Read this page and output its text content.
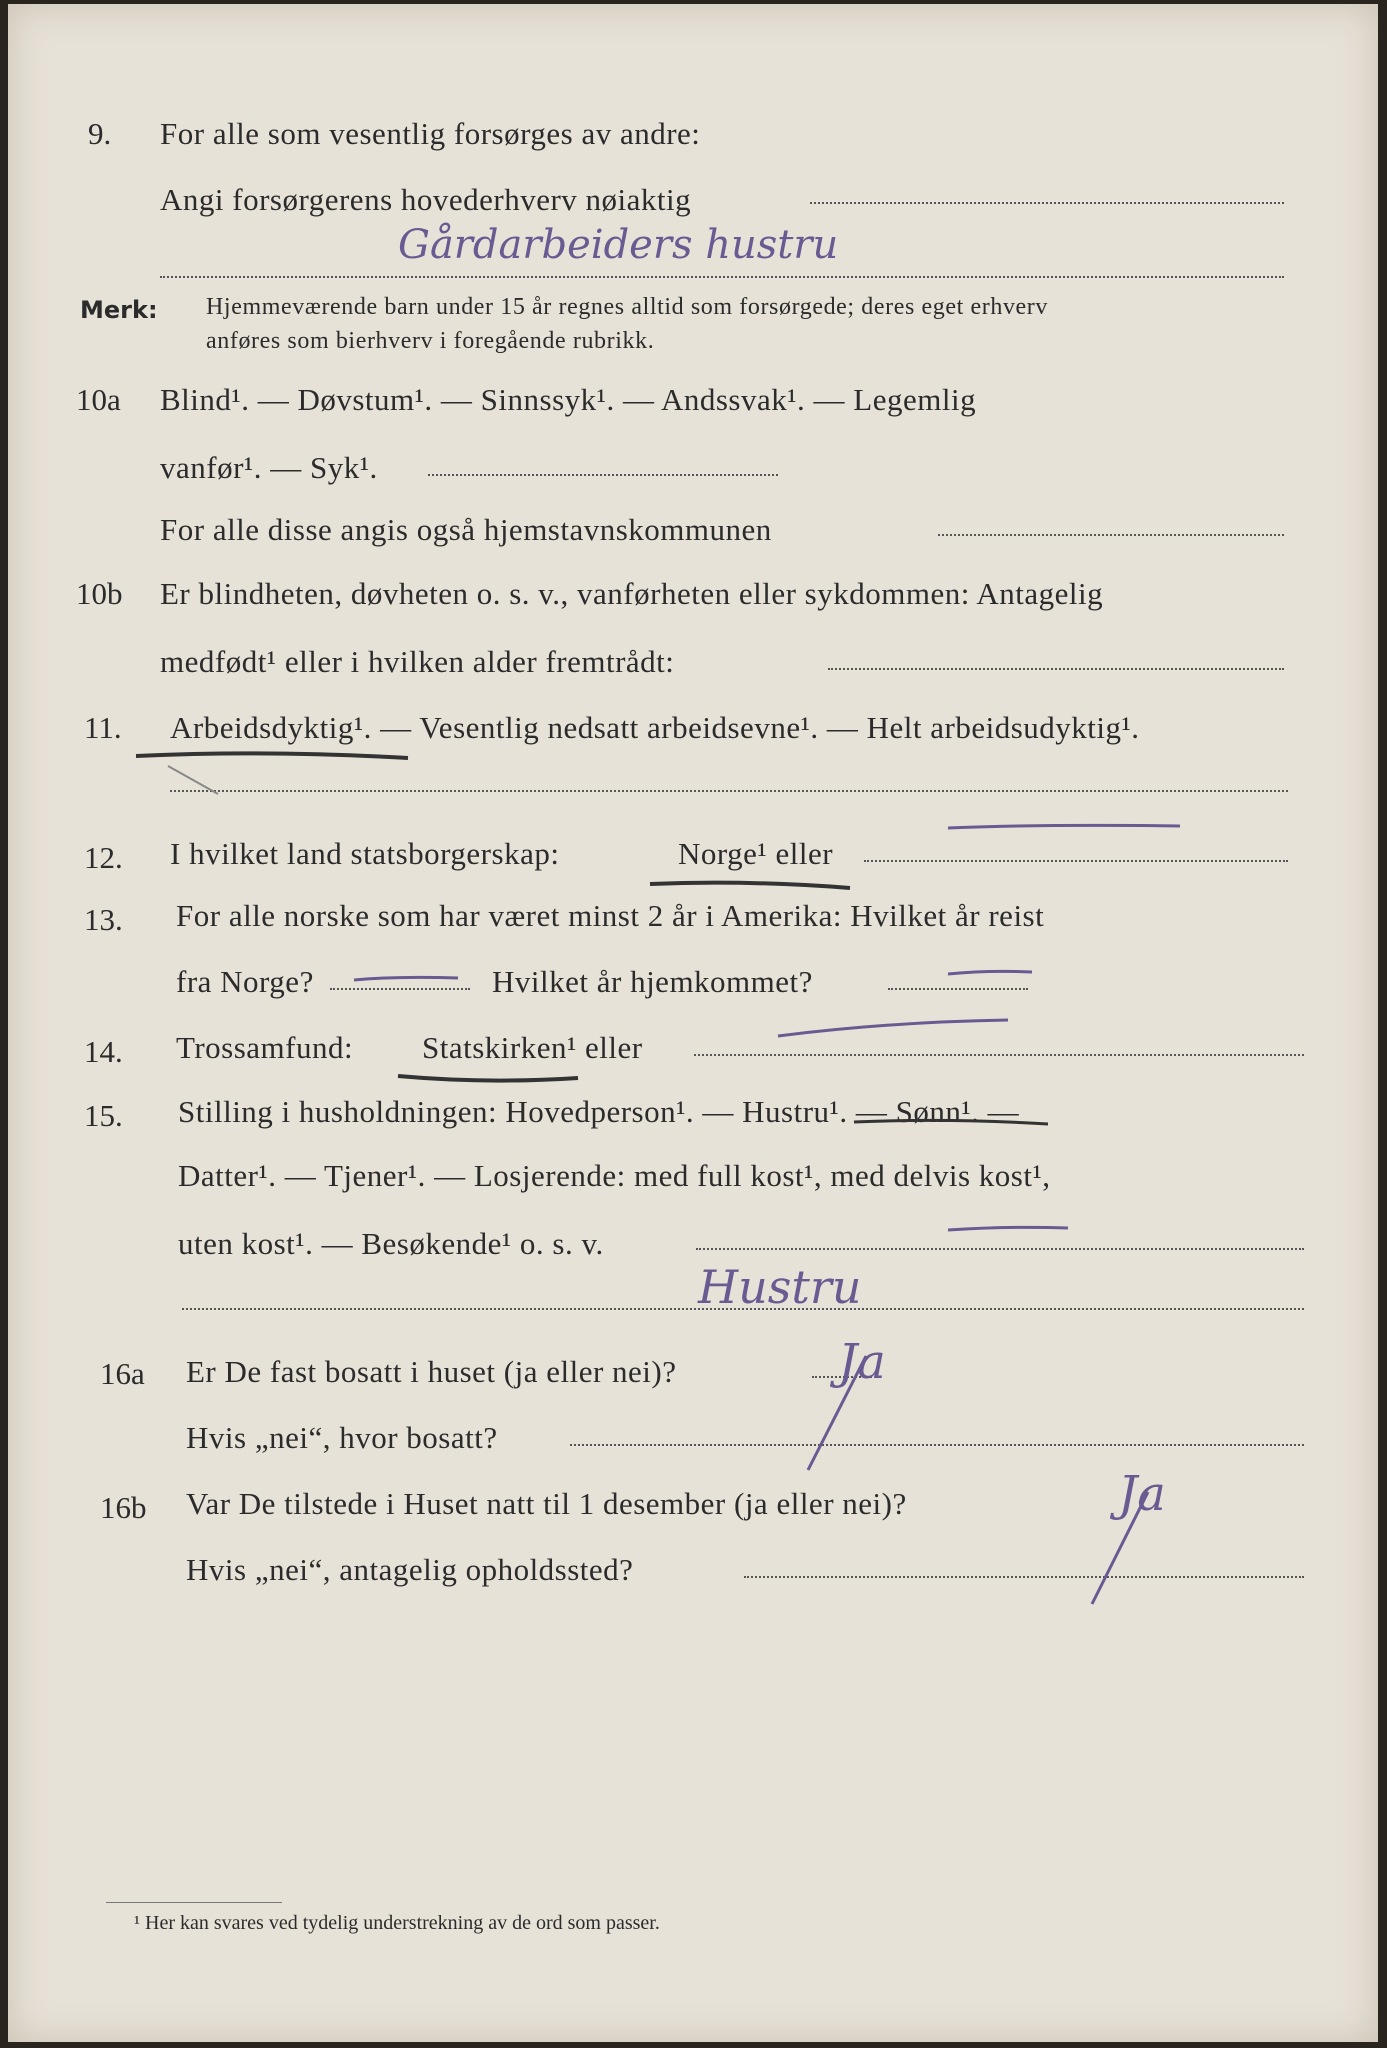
9. For alle som vesentlig forsørges av andre:
Angi forsørgerens hovederhverv nøiaktig
Gårdarbeiders hustru
Merk: Hjemmeværende barn under 15 år regnes alltid som forsørgede; deres eget erhverv
anføres som bierhverv i foregående rubrikk.
10a Blind¹. — Døvstum¹. — Sinnssyk¹. — Andssvak¹. — Legemlig
vanfør¹. — Syk¹.
For alle disse angis også hjemstavnskommunen
10b Er blindheten, døvheten o. s. v., vanførheten eller sykdommen: Antagelig
medfødt¹ eller i hvilken alder fremtrådt:
11. Arbeidsdyktig¹. — Vesentlig nedsatt arbeidsevne¹. — Helt arbeidsudyktig¹.
12. I hvilket land statsborgerskap:	Norge¹ eller
13. For alle norske som har været minst 2 år i Amerika: Hvilket år reist
fra Norge?	Hvilket år hjemkommet?
14. Trossamfund: Statskirken¹ eller
15. Stilling i husholdningen: Hovedperson¹. — Hustru¹. — Sønn¹. —
Datter¹. — Tjener¹. — Losjerende: med full kost¹, med delvis kost¹,
uten kost¹. — Besøkende¹ o. s. v.
Hustru
16a Er De fast bosatt i huset (ja eller nei)?	Ja
Hvis „nei“, hvor bosatt?
16b Var De tilstede i Huset natt til 1 desember (ja eller nei)?	Ja
Hvis „nei“, antagelig opholdssted?
¹ Her kan svares ved tydelig understrekning av de ord som passer.
